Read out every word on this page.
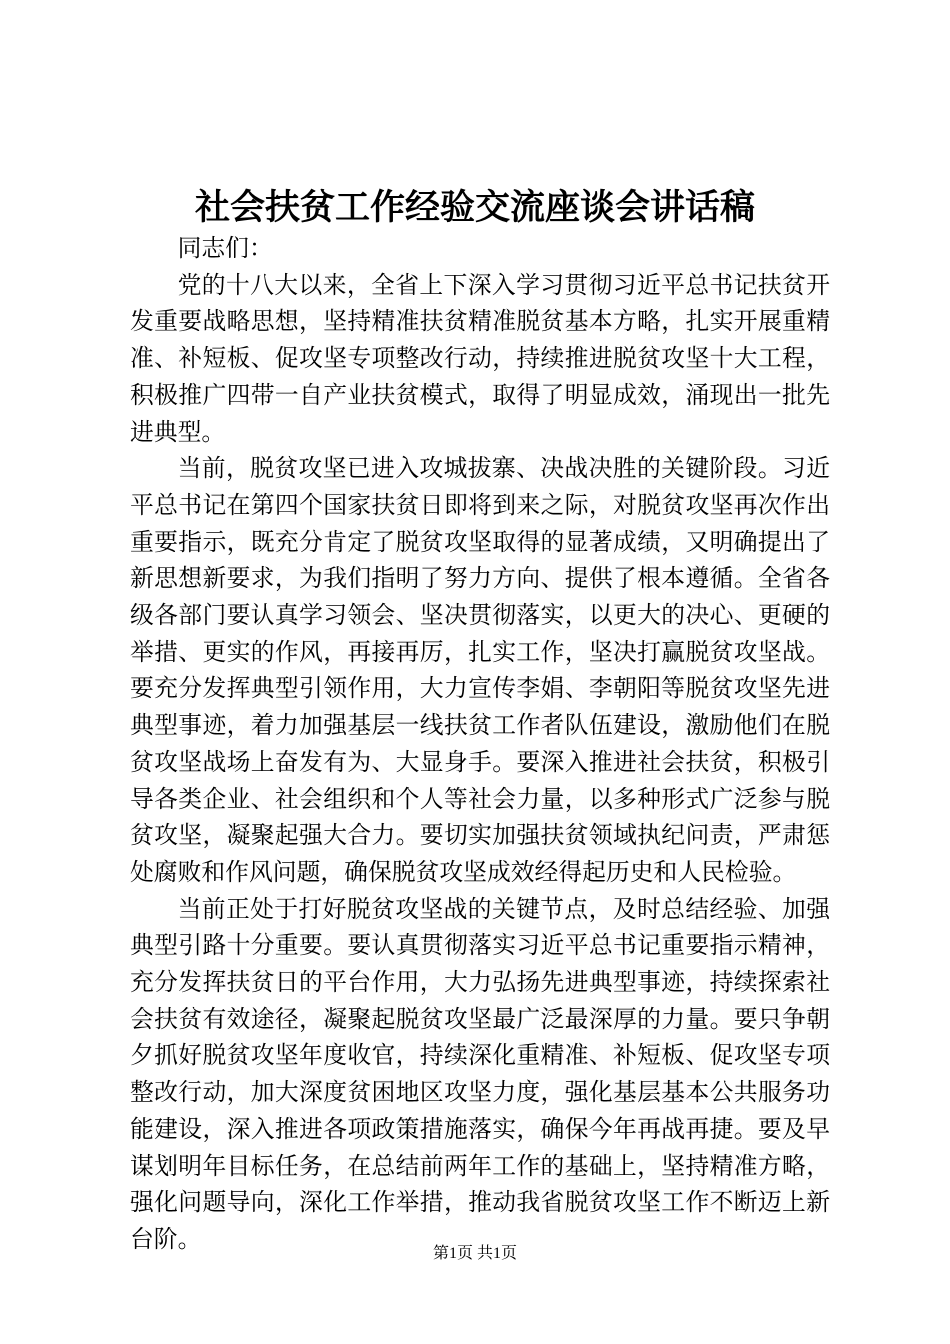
社会扶贫工作经验交流座谈会讲话稿

同志们：

党的十八大以来，全省上下深入学习贯彻习近平总书记扶贫开发重要战略思想，坚持精准扶贫精准脱贫基本方略，扎实开展重精准、补短板、促攻坚专项整改行动，持续推进脱贫攻坚十大工程，积极推广四带一自产业扶贫模式，取得了明显成效，涌现出一批先进典型。

当前，脱贫攻坚已进入攻城拔寨、决战决胜的关键阶段。习近平总书记在第四个国家扶贫日即将到来之际，对脱贫攻坚再次作出重要指示，既充分肯定了脱贫攻坚取得的显著成绩，又明确提出了新思想新要求，为我们指明了努力方向、提供了根本遵循。全省各级各部门要认真学习领会、坚决贯彻落实，以更大的决心、更硬的举措、更实的作风，再接再厉，扎实工作，坚决打赢脱贫攻坚战。要充分发挥典型引领作用，大力宣传李娟、李朝阳等脱贫攻坚先进典型事迹，着力加强基层一线扶贫工作者队伍建设，激励他们在脱贫攻坚战场上奋发有为、大显身手。要深入推进社会扶贫，积极引导各类企业、社会组织和个人等社会力量，以多种形式广泛参与脱贫攻坚，凝聚起强大合力。要切实加强扶贫领域执纪问责，严肃惩处腐败和作风问题，确保脱贫攻坚成效经得起历史和人民检验。

当前正处于打好脱贫攻坚战的关键节点，及时总结经验、加强典型引路十分重要。要认真贯彻落实习近平总书记重要指示精神，充分发挥扶贫日的平台作用，大力弘扬先进典型事迹，持续探索社会扶贫有效途径，凝聚起脱贫攻坚最广泛最深厚的力量。要只争朝夕抓好脱贫攻坚年度收官，持续深化重精准、补短板、促攻坚专项整改行动，加大深度贫困地区攻坚力度，强化基层基本公共服务功能建设，深入推进各项政策措施落实，确保今年再战再捷。要及早谋划明年目标任务，在总结前两年工作的基础上，坚持精准方略，强化问题导向，深化工作举措，推动我省脱贫攻坚工作不断迈上新台阶。

第1页 共1页
